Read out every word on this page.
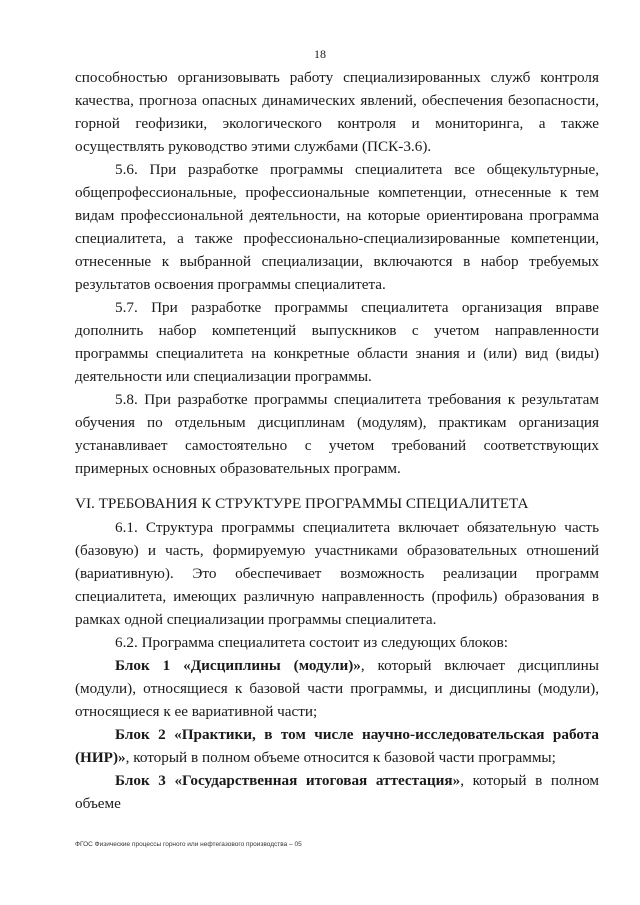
18

способностью организовывать работу специализированных служб контроля качества, прогноза опасных динамических явлений, обеспечения безопасности, горной геофизики, экологического контроля и мониторинга, а также осуществлять руководство этими службами (ПСК-3.6).

5.6. При разработке программы специалитета все общекультурные, общепрофессиональные, профессиональные компетенции, отнесенные к тем видам профессиональной деятельности, на которые ориентирована программа специалитета, а также профессионально-специализированные компетенции, отнесенные к выбранной специализации, включаются в набор требуемых результатов освоения программы специалитета.

5.7. При разработке программы специалитета организация вправе дополнить набор компетенций выпускников с учетом направленности программы специалитета на конкретные области знания и (или) вид (виды) деятельности или специализации программы.

5.8. При разработке программы специалитета требования к результатам обучения по отдельным дисциплинам (модулям), практикам организация устанавливает самостоятельно с учетом требований соответствующих примерных основных образовательных программ.

VI. ТРЕБОВАНИЯ К СТРУКТУРЕ ПРОГРАММЫ СПЕЦИАЛИТЕТА

6.1. Структура программы специалитета включает обязательную часть (базовую) и часть, формируемую участниками образовательных отношений (вариативную). Это обеспечивает возможность реализации программ специалитета, имеющих различную направленность (профиль) образования в рамках одной специализации программы специалитета.

6.2. Программа специалитета состоит из следующих блоков:

Блок 1 «Дисциплины (модули)», который включает дисциплины (модули), относящиеся к базовой части программы, и дисциплины (модули), относящиеся к ее вариативной части;

Блок 2 «Практики, в том числе научно-исследовательская работа (НИР)», который в полном объеме относится к базовой части программы;

Блок 3 «Государственная итоговая аттестация», который в полном объеме

ФГОС Физические процессы горного или нефтегазового производства – 05
